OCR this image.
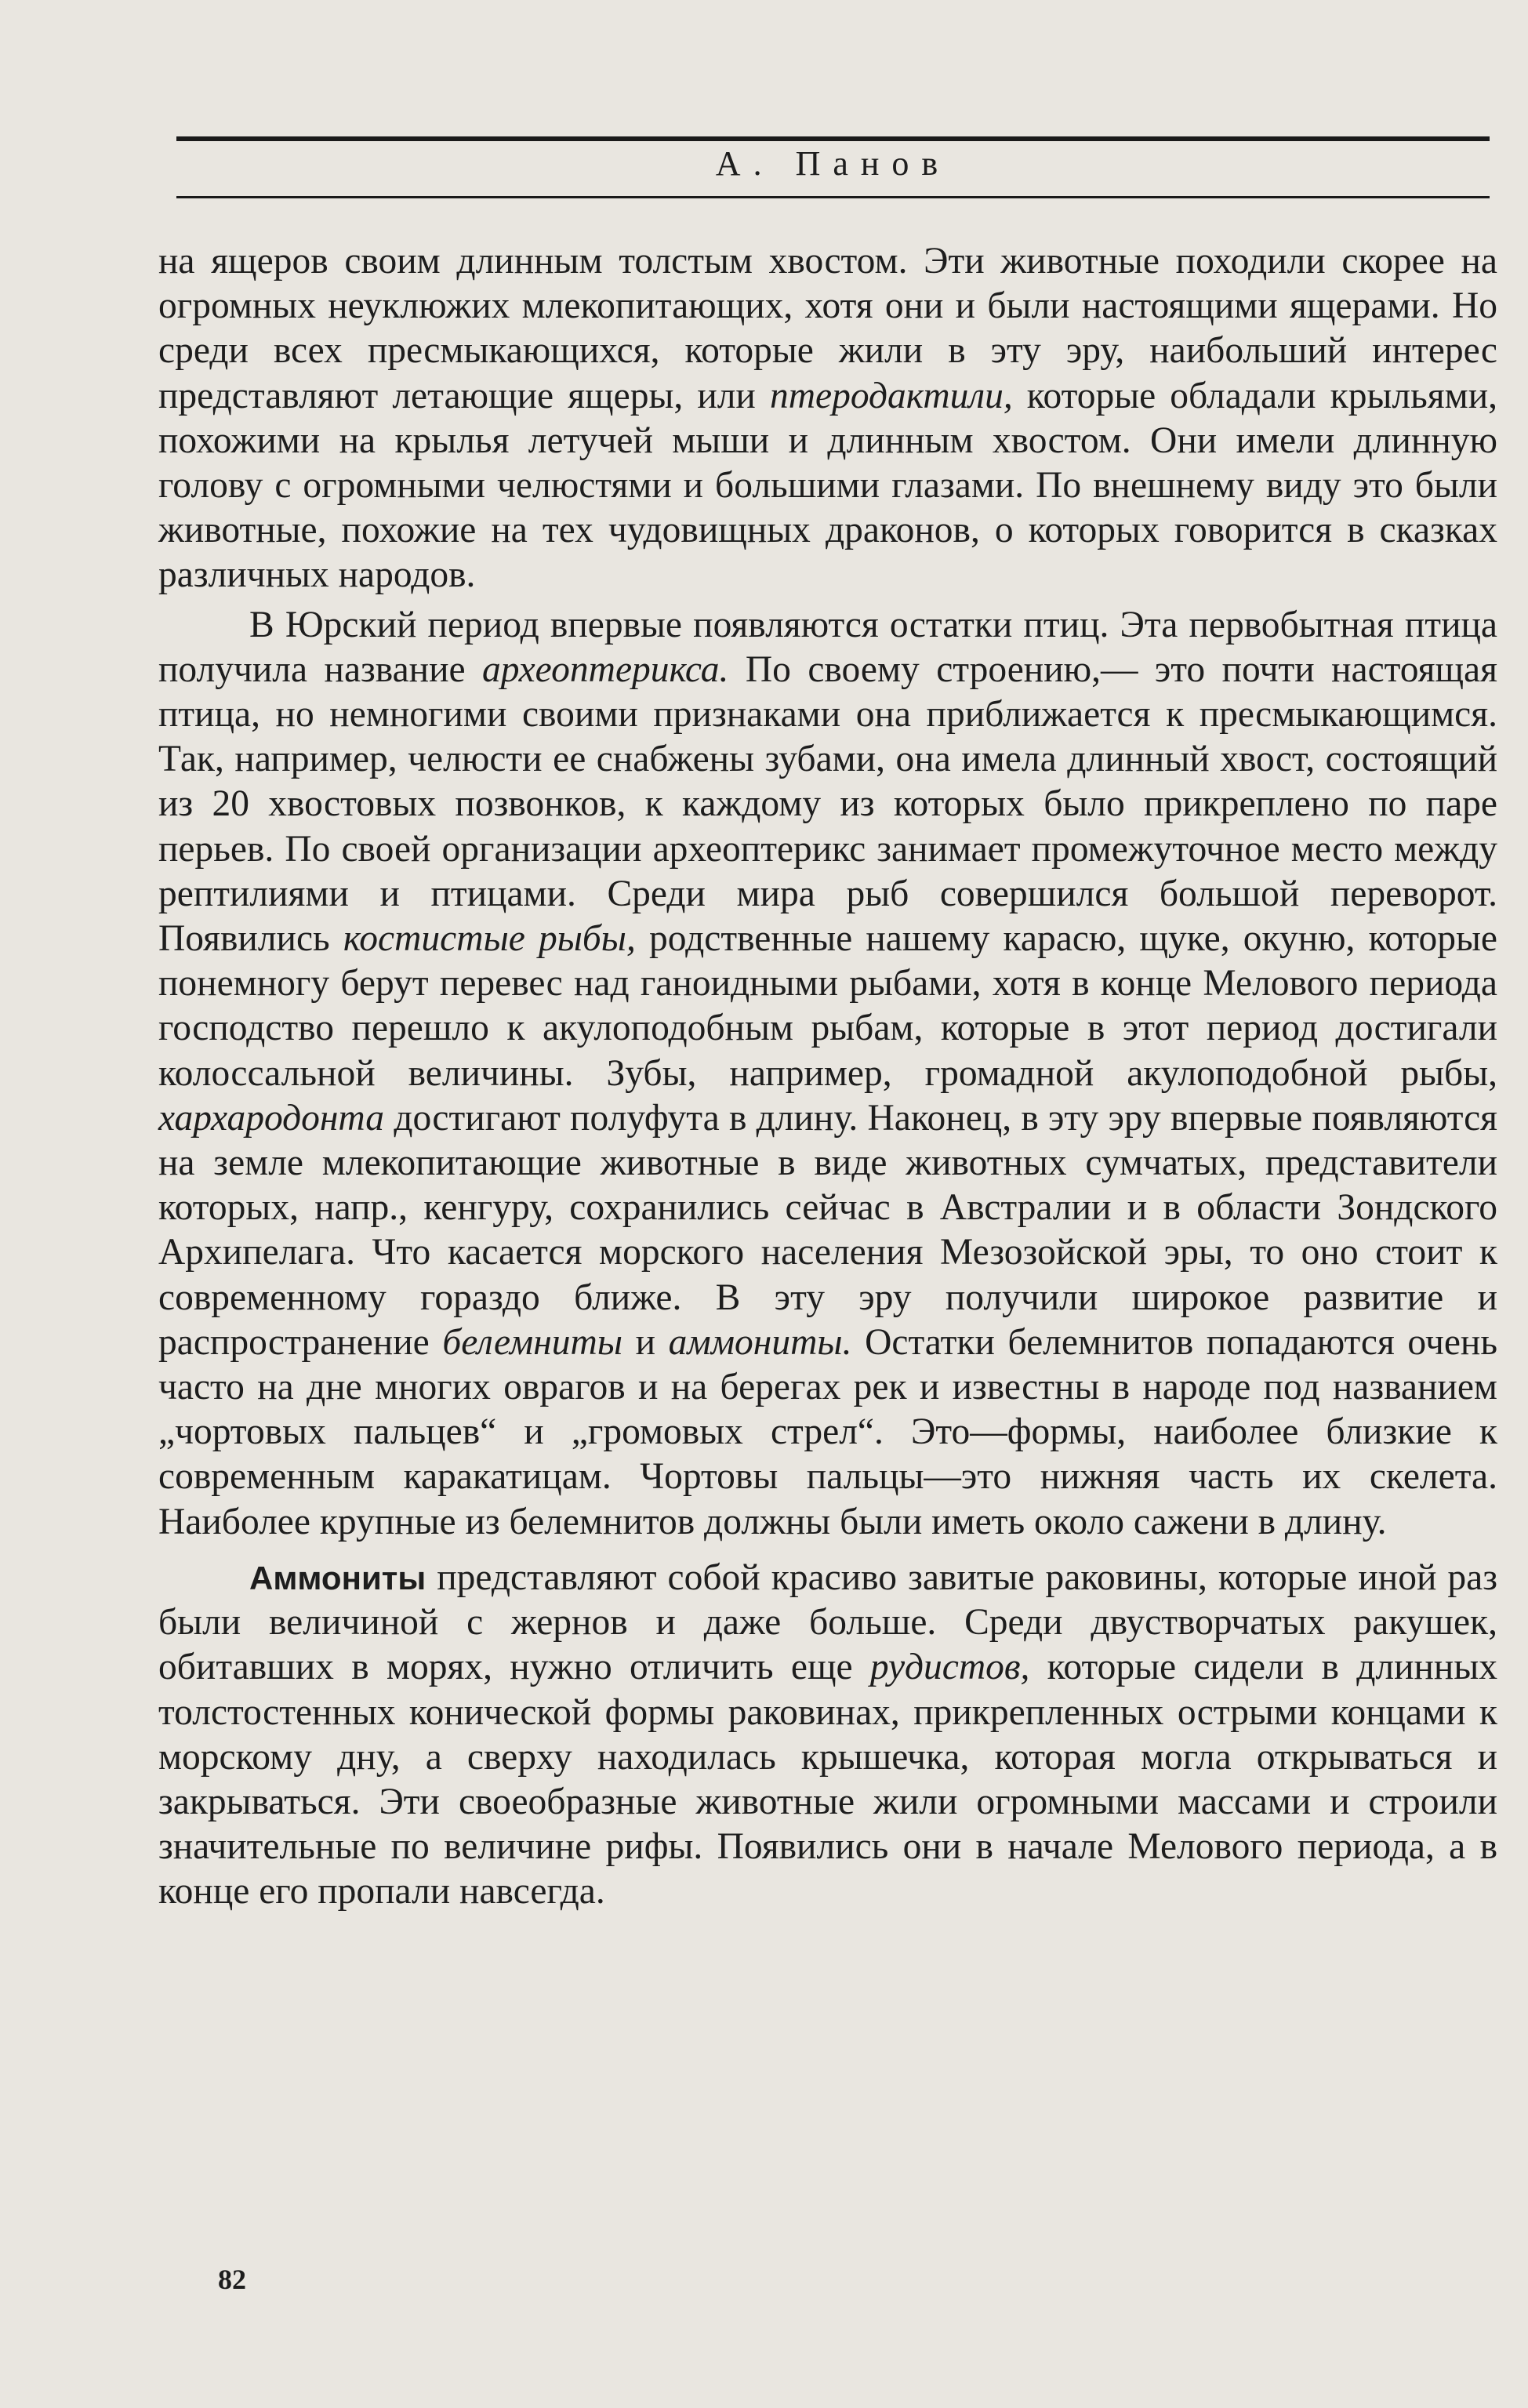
А. Панов

на ящеров своим длинным толстым хвостом. Эти животные походили скорее на огромных неуклюжих млекопитающих, хотя они и были настоящими ящерами. Но среди всех пресмыкающихся, которые жили в эту эру, наибольший интерес представляют летающие ящеры, или птеродактили, которые обладали крыльями, похожими на крылья летучей мыши и длинным хвостом. Они имели длинную голову с огромными челюстями и большими глазами. По внешнему виду это были животные, похожие на тех чудовищных драконов, о которых говорится в сказках различных народов.

В Юрский период впервые появляются остатки птиц. Эта первобытная птица получила название археоптерикса. По своему строению,— это почти настоящая птица, но немногими своими признаками она приближается к пресмыкающимся. Так, например, челюсти ее снабжены зубами, она имела длинный хвост, состоящий из 20 хвостовых позвонков, к каждому из которых было прикреплено по паре перьев. По своей организации археоптерикс занимает промежуточное место между рептилиями и птицами. Среди мира рыб совершился большой переворот. Появились костистые рыбы, родственные нашему карасю, щуке, окуню, которые понемногу берут перевес над ганоидными рыбами, хотя в конце Мелового периода господство перешло к акулоподобным рыбам, которые в этот период достигали колоссальной величины. Зубы, например, громадной акулоподобной рыбы, хархародонта достигают полуфута в длину. Наконец, в эту эру впервые появляются на земле млекопитающие животные в виде животных сумчатых, представители которых, напр., кенгуру, сохранились сейчас в Австралии и в области Зондского Архипелага. Что касается морского населения Мезозойской эры, то оно стоит к современному гораздо ближе. В эту эру получили широкое развитие и распространение белемниты и аммониты. Остатки белемнитов попадаются очень часто на дне многих оврагов и на берегах рек и известны в народе под названием „чортовых пальцев“ и „громовых стрел“. Это—формы, наиболее близкие к современным каракатицам. Чортовы пальцы—это нижняя часть их скелета. Наиболее крупные из белемнитов должны были иметь около сажени в длину.

Аммониты представляют собой красиво завитые раковины, которые иной раз были величиной с жернов и даже больше. Среди двустворчатых ракушек, обитавших в морях, нужно отличить еще рудистов, которые сидели в длинных толстостенных конической формы раковинах, прикрепленных острыми концами к морскому дну, а сверху находилась крышечка, которая могла открываться и закрываться. Эти своеобразные животные жили огромными массами и строили значительные по величине рифы. Появились они в начале Мелового периода, а в конце его пропали навсегда.

82
